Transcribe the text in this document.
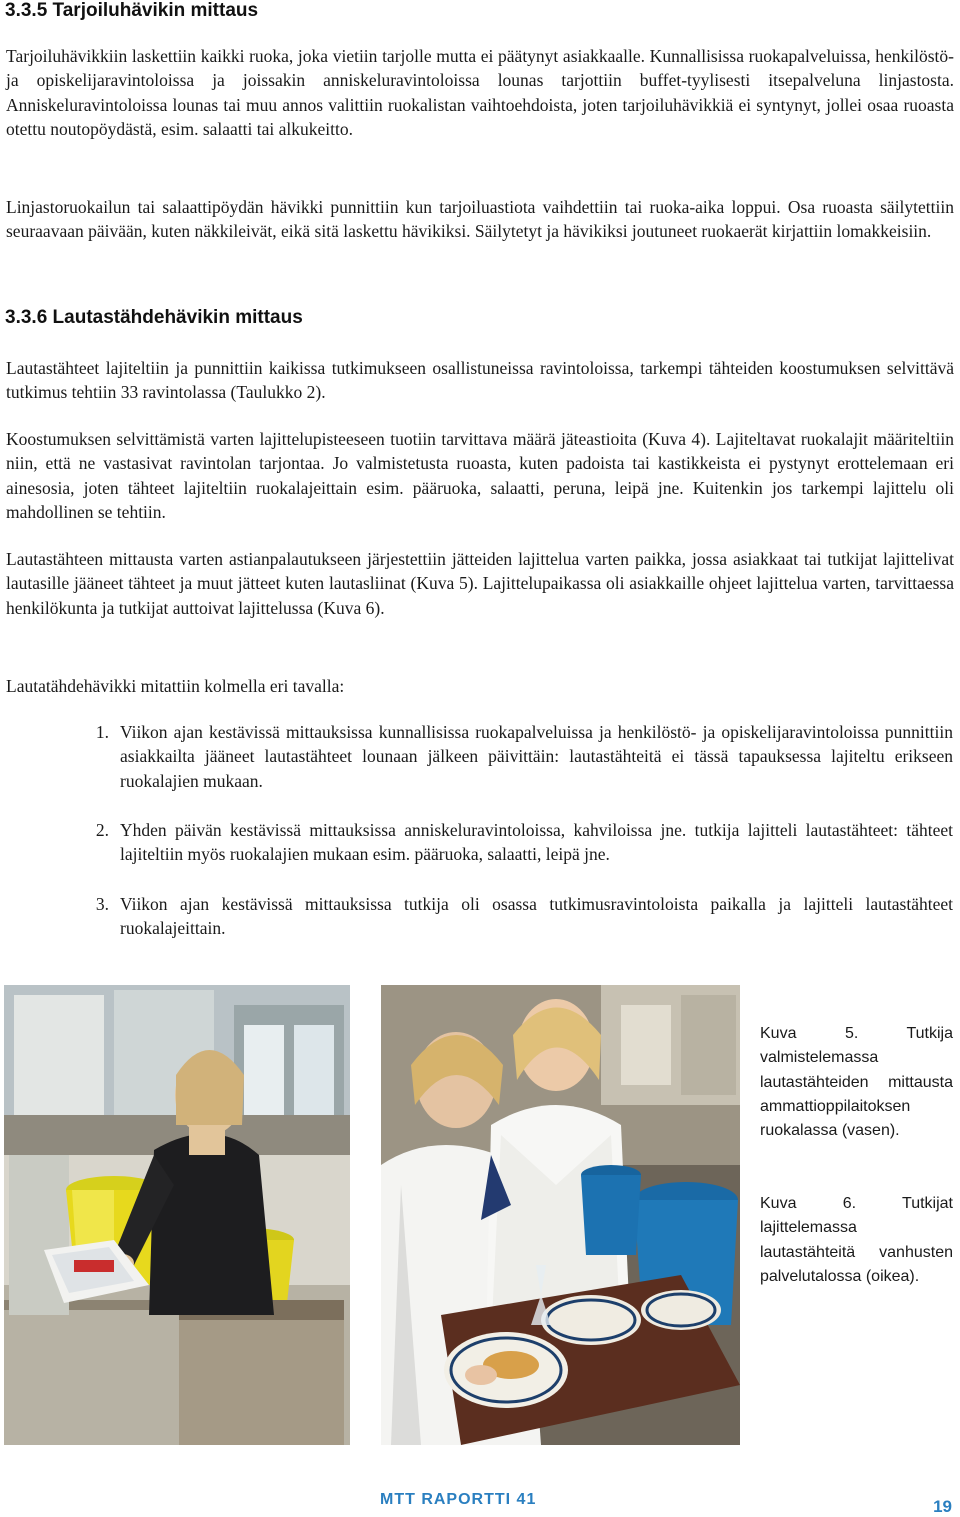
3.3.5 Tarjoiluhävikin mittaus

Tarjoiluhävikkiin laskettiin kaikki ruoka, joka vietiin tarjolle mutta ei päätynyt asiakkaalle. Kunnallisissa ruokapalveluissa, henkilöstö- ja opiskelijaravintoloissa ja joissakin anniskeluravintoloissa lounas tarjottiin buffet-tyylisesti itsepalveluna linjastosta. Anniskeluravintoloissa lounas tai muu annos valittiin ruokalistan vaihtoehdoista, joten tarjoiluhävikkiä ei syntynyt, jollei osaa ruoasta otettu noutopöydästä, esim. salaatti tai alkukeitto.

Linjastoruokailun tai salaattipöydän hävikki punnittiin kun tarjoiluastiota vaihdettiin tai ruoka-aika loppui. Osa ruoasta säilytettiin seuraavaan päivään, kuten näkkileivät, eikä sitä laskettu hävikiksi. Säilytetyt ja hävikiksi joutuneet ruokaerät kirjattiin lomakkeisiin.

3.3.6 Lautastähdehävikin mittaus

Lautastähteet lajiteltiin ja punnittiin kaikissa tutkimukseen osallistuneissa ravintoloissa, tarkempi tähteiden koostumuksen selvittävä tutkimus tehtiin 33 ravintolassa (Taulukko 2).

Koostumuksen selvittämistä varten lajittelupisteeseen tuotiin tarvittava määrä jäteastioita (Kuva 4). Lajiteltavat ruokalajit määriteltiin niin, että ne vastasivat ravintolan tarjontaa. Jo valmistetusta ruoasta, kuten padoista tai kastikkeista ei pystynyt erottelemaan eri ainesosia, joten tähteet lajiteltiin ruokalajeittain esim. pääruoka, salaatti, peruna, leipä jne. Kuitenkin jos tarkempi lajittelu oli mahdollinen se tehtiin.

Lautastähteen mittausta varten astianpalautukseen järjestettiin jätteiden lajittelua varten paikka, jossa asiakkaat tai tutkijat lajittelivat lautasille jääneet tähteet ja muut jätteet kuten lautasliinat (Kuva 5). Lajittelupaikassa oli asiakkaille ohjeet lajittelua varten, tarvittaessa henkilökunta ja tutkijat auttoivat lajittelussa (Kuva 6).

Lautatähdehävikki mitattiin kolmella eri tavalla:

1. Viikon ajan kestävissä mittauksissa kunnallisissa ruokapalveluissa ja henkilöstö- ja opiskelijaravintoloissa punnittiin asiakkailta jääneet lautastähteet lounaan jälkeen päivittäin: lautastähteitä ei tässä tapauksessa lajiteltu erikseen ruokalajien mukaan.
2. Yhden päivän kestävissä mittauksissa anniskeluravintoloissa, kahviloissa jne. tutkija lajitteli lautastähteet: tähteet lajiteltiin myös ruokalajien mukaan esim. pääruoka, salaatti, leipä jne.
3. Viikon ajan kestävissä mittauksissa tutkija oli osassa tutkimusravintoloista paikalla ja lajitteli lautastähteet ruokalajeittain.

Kuva 5. Tutkija valmistelemassa lautastähteiden mittausta ammattioppilaitoksen ruokalassa (vasen).

Kuva 6. Tutkijat lajittelemassa lautastähteitä vanhusten palvelutalossa (oikea).

MTT RAPORTTI 41	19
